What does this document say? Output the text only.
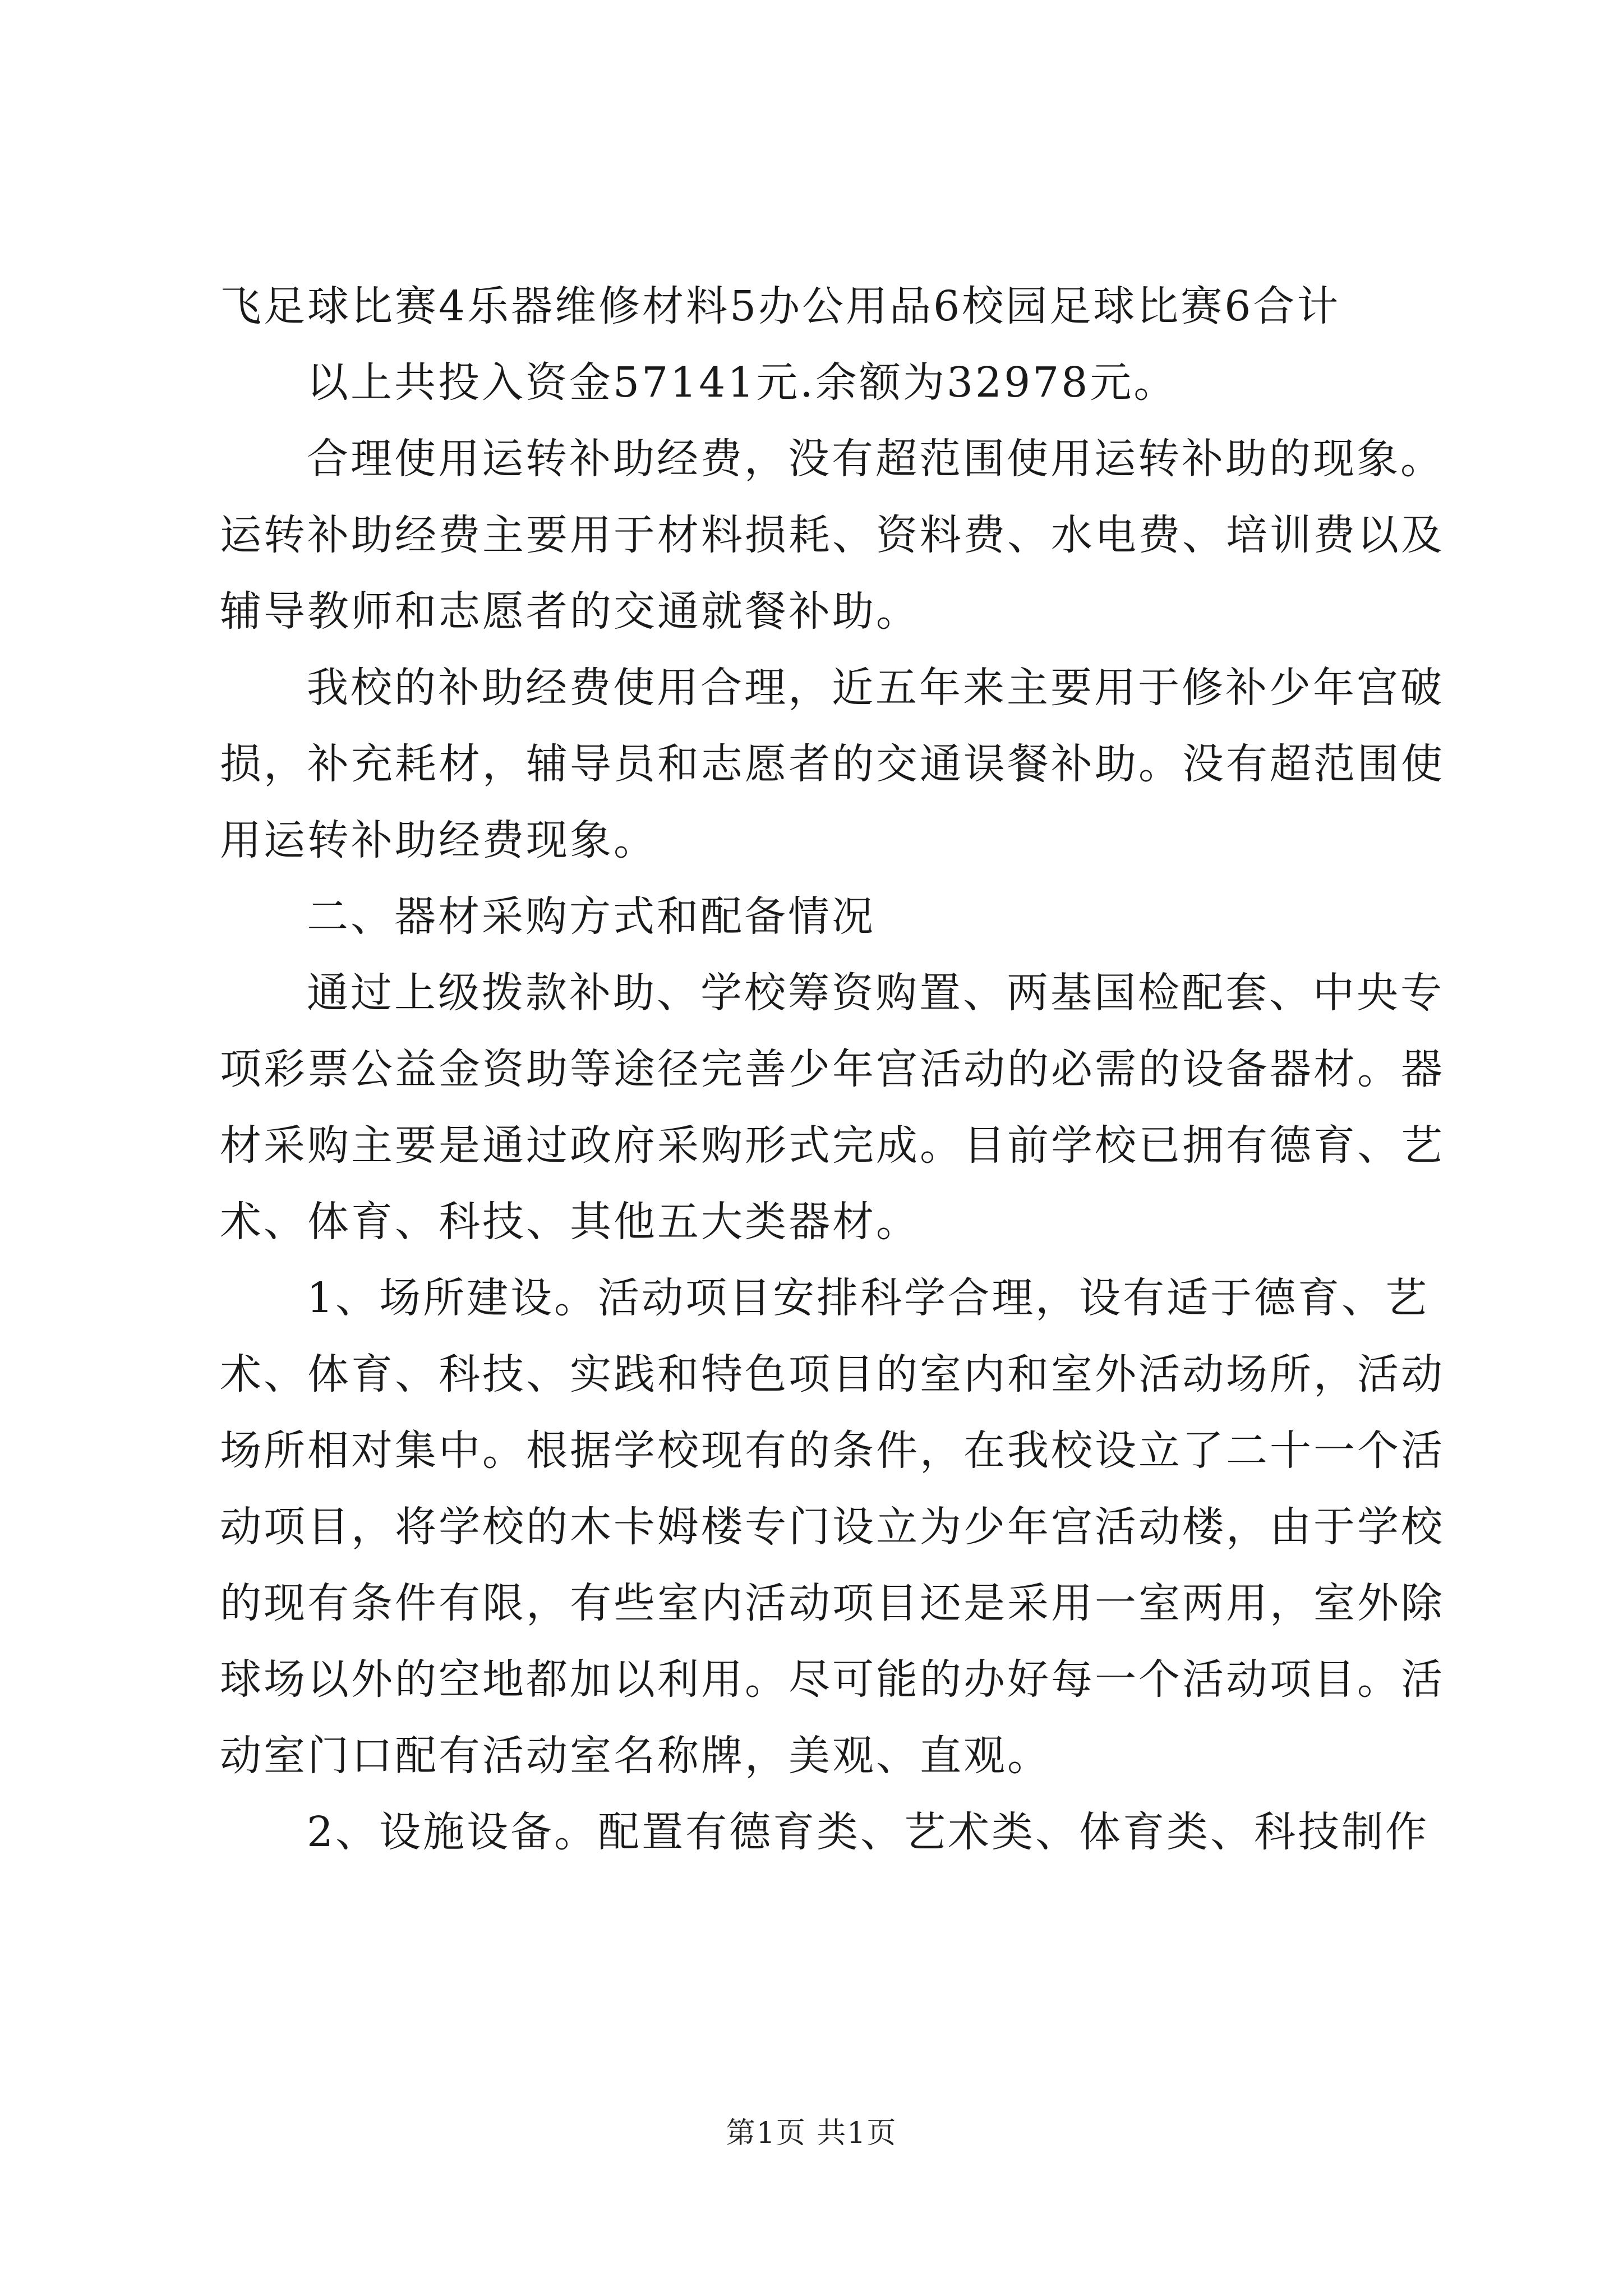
飞足球比赛4乐器维修材料5办公用品6校园足球比赛6合计
以上共投入资金57141元.余额为32978元。
合理使用运转补助经费，没有超范围使用运转补助的现象。
运转补助经费主要用于材料损耗、资料费、水电费、培训费以及
辅导教师和志愿者的交通就餐补助。
我校的补助经费使用合理，近五年来主要用于修补少年宫破
损，补充耗材，辅导员和志愿者的交通误餐补助。没有超范围使
用运转补助经费现象。
二、器材采购方式和配备情况
通过上级拨款补助、学校筹资购置、两基国检配套、中央专
项彩票公益金资助等途径完善少年宫活动的必需的设备器材。器
材采购主要是通过政府采购形式完成。目前学校已拥有德育、艺
术、体育、科技、其他五大类器材。
1、场所建设。活动项目安排科学合理，设有适于德育、艺
术、体育、科技、实践和特色项目的室内和室外活动场所，活动
场所相对集中。根据学校现有的条件，在我校设立了二十一个活
动项目，将学校的木卡姆楼专门设立为少年宫活动楼，由于学校
的现有条件有限，有些室内活动项目还是采用一室两用，室外除
球场以外的空地都加以利用。尽可能的办好每一个活动项目。活
动室门口配有活动室名称牌，美观、直观。
2、设施设备。配置有德育类、艺术类、体育类、科技制作
第1页 共1页
